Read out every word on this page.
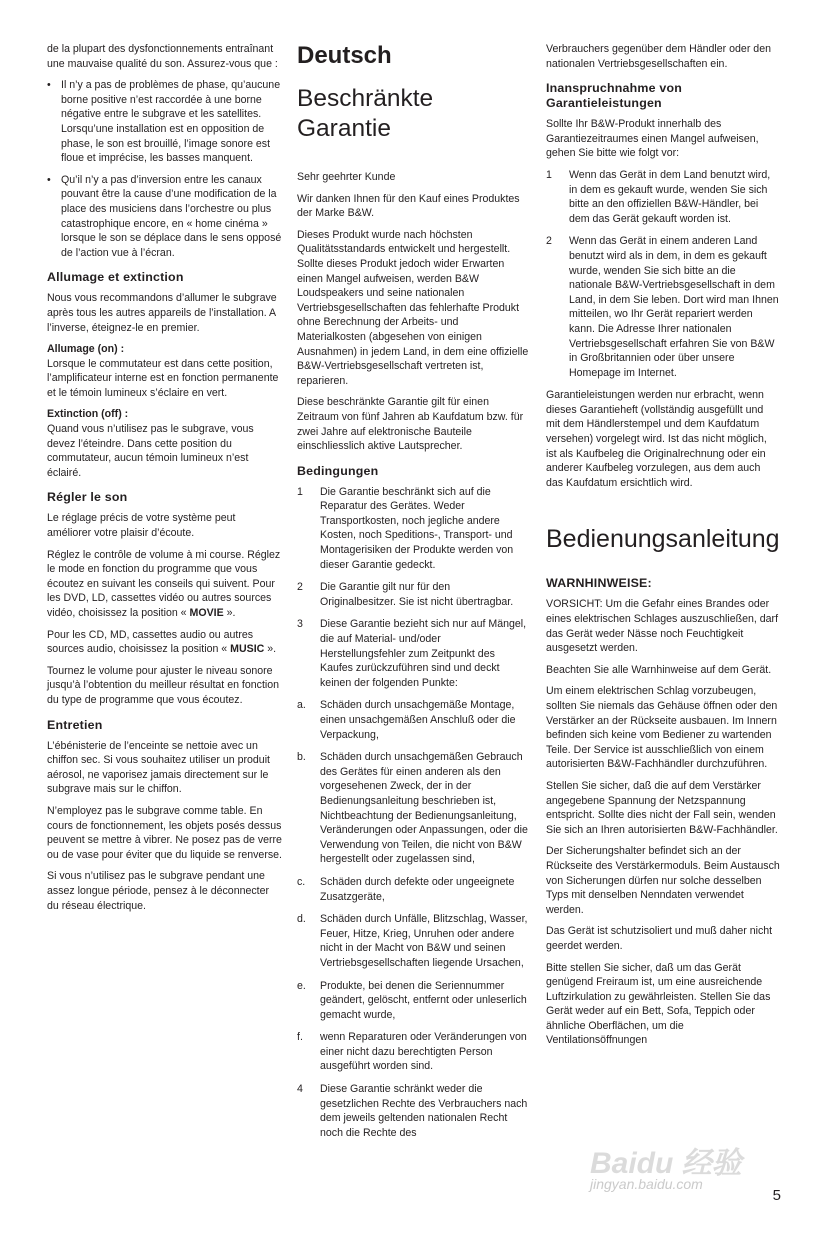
de la plupart des dysfonctionnements entraînant une mauvaise qualité du son. Assurez-vous que :

• Il n’y a pas de problèmes de phase, qu’aucune borne positive n’est raccordée à une borne négative entre le subgrave et les satellites. Lorsqu’une installation est en opposition de phase, le son est brouillé, l’image sonore est floue et imprécise, les basses manquent.
• Qu’il n’y a pas d’inversion entre les canaux pouvant être la cause d’une modification de la place des musiciens dans l’orchestre ou plus catastrophique encore, en « home cinéma » lorsque le son se déplace dans le sens opposé de l’action vue à l’écran.
Allumage et extinction

Nous vous recommandons d’allumer le subgrave après tous les autres appareils de l’installation. A l’inverse, éteignez-le en premier.

Allumage (on) :
Lorsque le commutateur est dans cette position, l’amplificateur interne est en fonction permanente et le témoin lumineux s’éclaire en vert.

Extinction (off) :
Quand vous n’utilisez pas le subgrave, vous devez l’éteindre. Dans cette position du commutateur, aucun témoin lumineux n’est éclairé.

Régler le son

Le réglage précis de votre système peut améliorer votre plaisir d’écoute.

Réglez le contrôle de volume à mi course. Réglez le mode en fonction du programme que vous écoutez en suivant les conseils qui suivent. Pour les DVD, LD, cassettes vidéo ou autres sources vidéo, choisissez la position « MOVIE ».

Pour les CD, MD, cassettes audio ou autres sources audio, choisissez la position « MUSIC ».

Tournez le volume pour ajuster le niveau sonore jusqu’à l’obtention du meilleur résultat en fonction du type de programme que vous écoutez.

Entretien

L’ébénisterie de l’enceinte se nettoie avec un chiffon sec. Si vous souhaitez utiliser un produit aérosol, ne vaporisez jamais directement sur le subgrave mais sur le chiffon.

N’employez pas le subgrave comme table. En cours de fonctionnement, les objets posés dessus peuvent se mettre à vibrer. Ne posez pas de verre ou de vase pour éviter que du liquide se renverse.

Si vous n’utilisez pas le subgrave pendant une assez longue période, pensez à le déconnecter du réseau électrique.

Deutsch
Beschränkte Garantie

Sehr geehrter Kunde

Wir danken Ihnen für den Kauf eines Produktes der Marke B&W.

Dieses Produkt wurde nach höchsten Qualitätsstandards entwickelt und hergestellt. Sollte dieses Produkt jedoch wider Erwarten einen Mangel aufweisen, werden B&W Loudspeakers und seine nationalen Vertriebsgesellschaften das fehlerhafte Produkt ohne Berechnung der Arbeits- und Materialkosten (abgesehen von einigen Ausnahmen) in jedem Land, in dem eine offizielle B&W-Vertriebsgesellschaft vertreten ist, reparieren.

Diese beschränkte Garantie gilt für einen Zeitraum von fünf Jahren ab Kaufdatum bzw. für zwei Jahre auf elektronische Bauteile einschliesslich aktive Lautsprecher.

Bedingungen
1	Die Garantie beschränkt sich auf die Reparatur des Gerätes. Weder Transportkosten, noch jegliche andere Kosten, noch Speditions-, Transport- und Montagerisiken der Produkte werden von dieser Garantie gedeckt.
2	Die Garantie gilt nur für den Originalbesitzer. Sie ist nicht übertragbar.
3	Diese Garantie bezieht sich nur auf Mängel, die auf Material- und/oder Herstellungsfehler zum Zeitpunkt des Kaufes zurückzuführen sind und deckt keinen der folgenden Punkte:
a.	Schäden durch unsachgemäße Montage, einen unsachgemäßen Anschluß oder die Verpackung,
b.	Schäden durch unsachgemäßen Gebrauch des Gerätes für einen anderen als den vorgesehenen Zweck, der in der Bedienungsanleitung beschrieben ist, Nichtbeachtung der Bedienungsanleitung, Veränderungen oder Anpassungen, oder die Verwendung von Teilen, die nicht von B&W hergestellt oder zugelassen sind,
c.	Schäden durch defekte oder ungeeignete Zusatzgeräte,
d.	Schäden durch Unfälle, Blitzschlag, Wasser, Feuer, Hitze, Krieg, Unruhen oder andere nicht in der Macht von B&W und seinen Vertriebsgesellschaften liegende Ursachen,
e.	Produkte, bei denen die Seriennummer geändert, gelöscht, entfernt oder unleserlich gemacht wurde,
f.	wenn Reparaturen oder Veränderungen von einer nicht dazu berechtigten Person ausgeführt worden sind.
4	Diese Garantie schränkt weder die gesetzlichen Rechte des Verbrauchers nach dem jeweils geltenden nationalen Recht noch die Rechte des

Verbrauchers gegenüber dem Händler oder den nationalen Vertriebsgesellschaften ein.

Inanspruchnahme von Garantieleistungen

Sollte Ihr B&W-Produkt innerhalb des Garantiezeitraumes einen Mangel aufweisen, gehen Sie bitte wie folgt vor:

1	Wenn das Gerät in dem Land benutzt wird, in dem es gekauft wurde, wenden Sie sich bitte an den offiziellen B&W-Händler, bei dem das Gerät gekauft worden ist.
2	Wenn das Gerät in einem anderen Land benutzt wird als in dem, in dem es gekauft wurde, wenden Sie sich bitte an die nationale B&W-Vertriebsgesellschaft in dem Land, in dem Sie leben. Dort wird man Ihnen mitteilen, wo Ihr Gerät repariert werden kann. Die Adresse Ihrer nationalen Vertriebsgesellschaft erfahren Sie von B&W in Großbritannien oder über unsere Homepage im Internet.

Garantieleistungen werden nur erbracht, wenn dieses Garantieheft (vollständig ausgefüllt und mit dem Händlerstempel und dem Kaufdatum versehen) vorgelegt wird. Ist das nicht möglich, ist als Kaufbeleg die Originalrechnung oder ein anderer Kaufbeleg vorzulegen, aus dem auch das Kaufdatum ersichtlich wird.

Bedienungsanleitung
WARNHINWEISE:

VORSICHT: Um die Gefahr eines Brandes oder eines elektrischen Schlages auszuschließen, darf das Gerät weder Nässe noch Feuchtigkeit ausgesetzt werden.

Beachten Sie alle Warnhinweise auf dem Gerät.

Um einem elektrischen Schlag vorzubeugen, sollten Sie niemals das Gehäuse öffnen oder den Verstärker an der Rückseite ausbauen. Im Innern befinden sich keine vom Bediener zu wartenden Teile. Der Service ist ausschließlich von einem autorisierten B&W-Fachhändler durchzuführen.

Stellen Sie sicher, daß die auf dem Verstärker angegebene Spannung der Netzspannung entspricht. Sollte dies nicht der Fall sein, wenden Sie sich an Ihren autorisierten B&W-Fachhändler.

Der Sicherungshalter befindet sich an der Rückseite des Verstärkermoduls. Beim Austausch von Sicherungen dürfen nur solche desselben Typs mit denselben Nenndaten verwendet werden.

Das Gerät ist schutzisoliert und muß daher nicht geerdet werden.

Bitte stellen Sie sicher, daß um das Gerät genügend Freiraum ist, um eine ausreichende Luftzirkulation zu gewährleisten. Stellen Sie das Gerät weder auf ein Bett, Sofa, Teppich oder ähnliche Oberflächen, um die Ventilationsöffnungen

5
Baidu 经验
jingyan.baidu.com
